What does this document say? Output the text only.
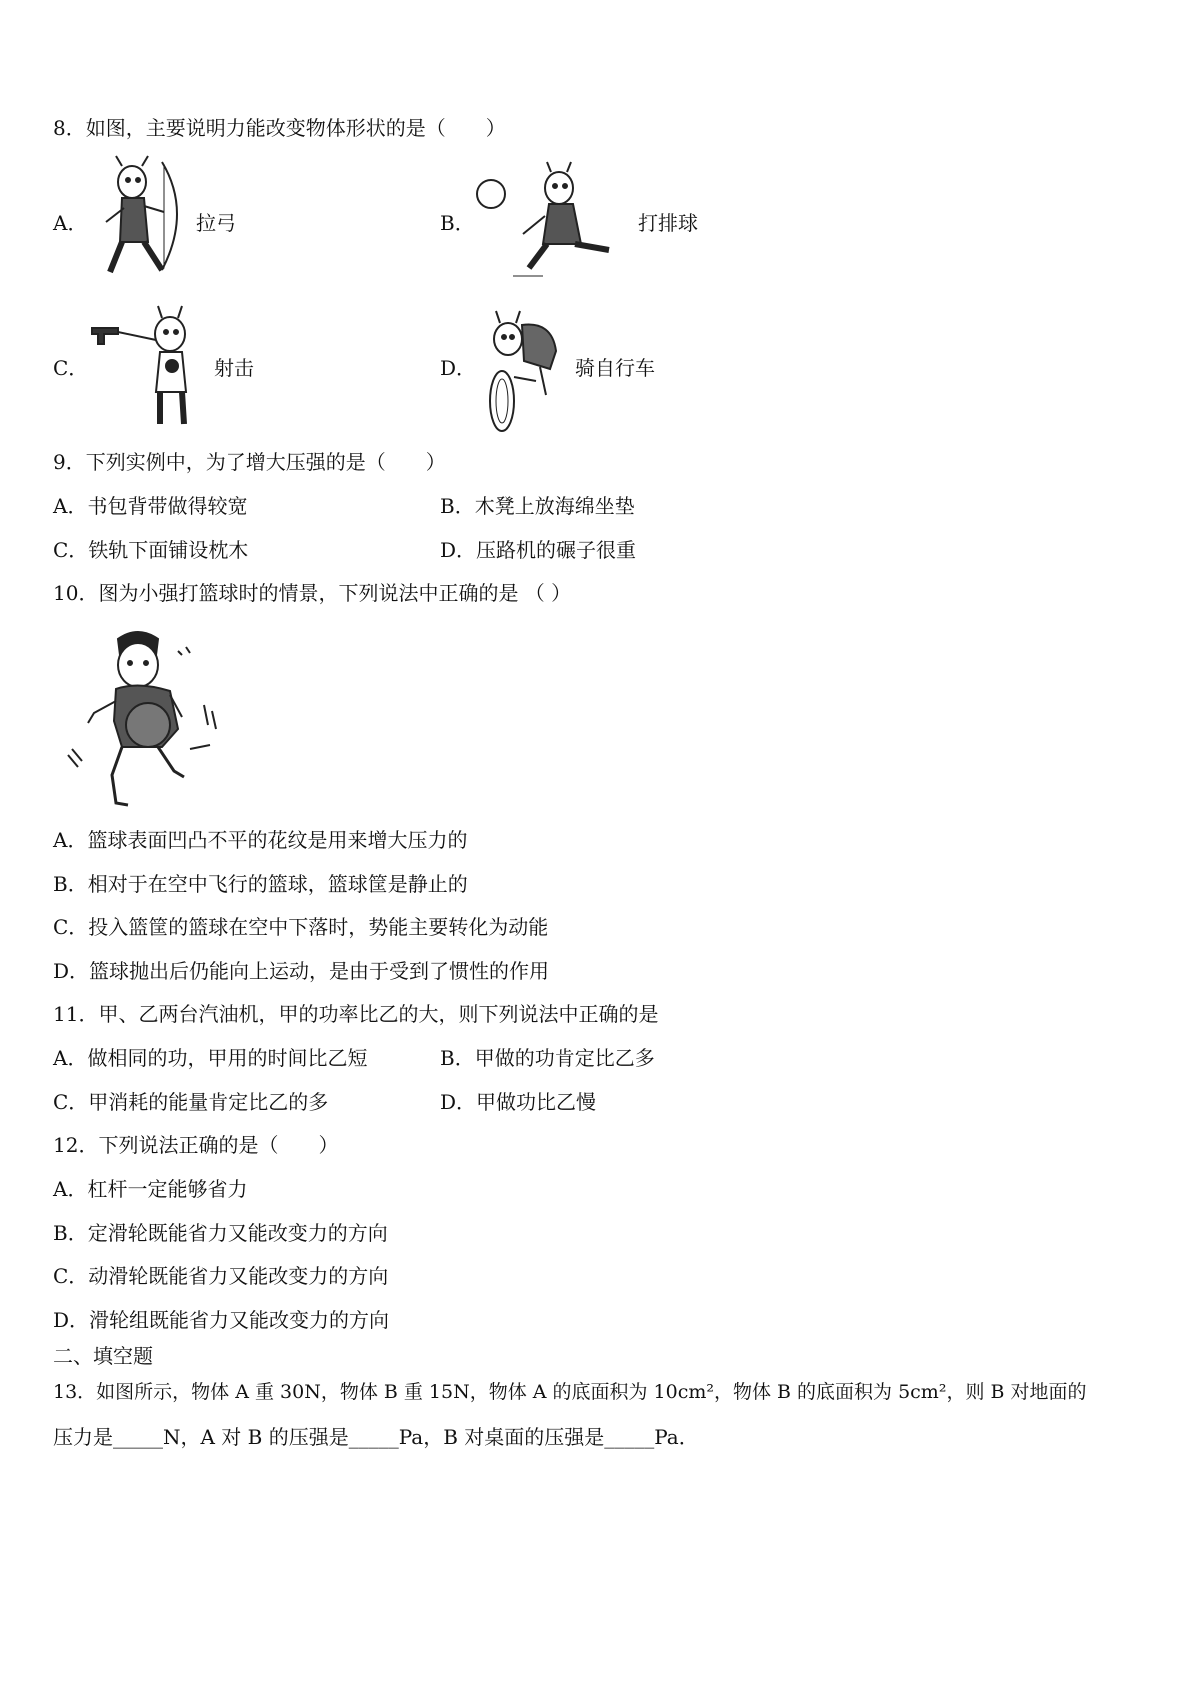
8．如图，主要说明力能改变物体形状的是（　　）
A．	拉弓	B．	打排球
C．	射击	D．	骑自行车
9．下列实例中，为了增大压强的是（　　）
A．书包背带做得较宽	B．木凳上放海绵坐垫
C．铁轨下面铺设枕木	D．压路机的碾子很重
10．图为小强打篮球时的情景，下列说法中正确的是 （ ）
A．篮球表面凹凸不平的花纹是用来增大压力的
B．相对于在空中飞行的篮球，篮球筐是静止的
C．投入篮筐的篮球在空中下落时，势能主要转化为动能
D．篮球抛出后仍能向上运动，是由于受到了惯性的作用
11．甲、乙两台汽油机，甲的功率比乙的大，则下列说法中正确的是
A．做相同的功，甲用的时间比乙短	B．甲做的功肯定比乙多
C．甲消耗的能量肯定比乙的多	D．甲做功比乙慢
12．下列说法正确的是（　　）
A．杠杆一定能够省力
B．定滑轮既能省力又能改变力的方向
C．动滑轮既能省力又能改变力的方向
D．滑轮组既能省力又能改变力的方向
二、填空题
13．如图所示，物体 A 重 30N，物体 B 重 15N，物体 A 的底面积为 10cm²，物体 B 的底面积为 5cm²，则 B 对地面的
压力是_____N，A 对 B 的压强是_____Pa，B 对桌面的压强是_____Pa．
